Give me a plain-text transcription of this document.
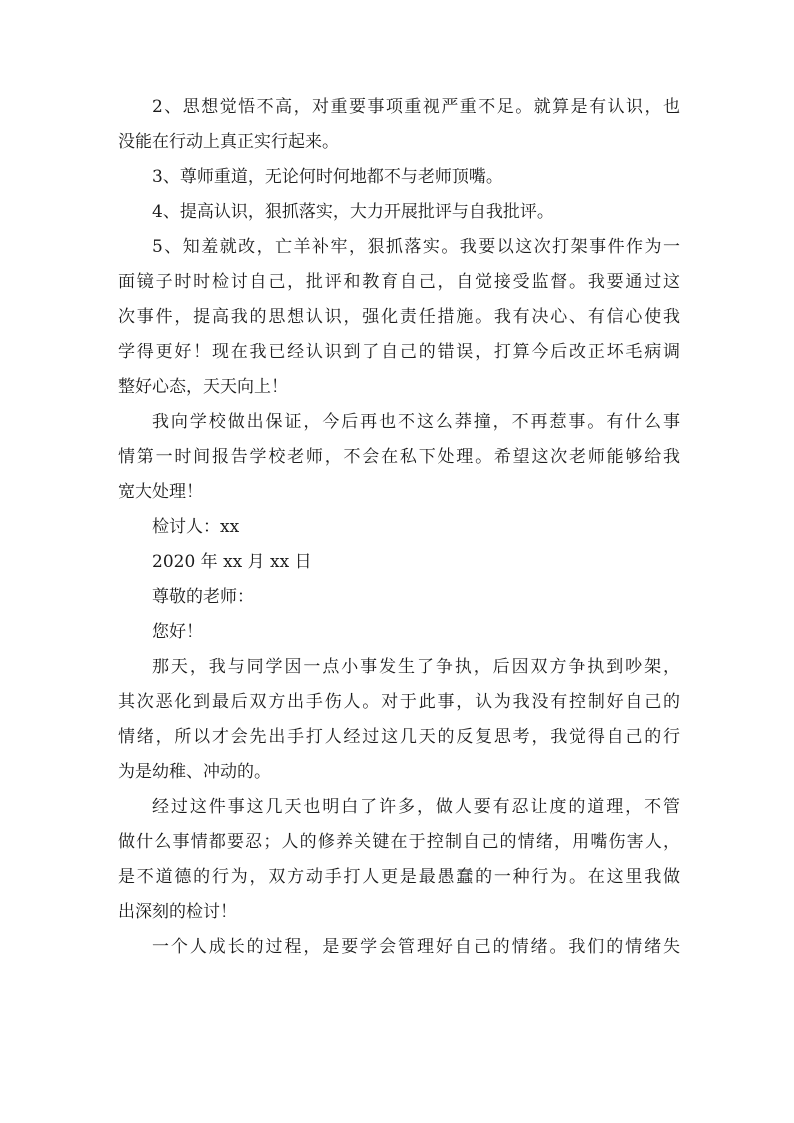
2、思想觉悟不高，对重要事项重视严重不足。就算是有认识，也
没能在行动上真正实行起来。
3、尊师重道，无论何时何地都不与老师顶嘴。
4、提高认识，狠抓落实，大力开展批评与自我批评。
5、知羞就改，亡羊补牢，狠抓落实。我要以这次打架事件作为一
面镜子时时检讨自己，批评和教育自己，自觉接受监督。我要通过这
次事件，提高我的思想认识，强化责任措施。我有决心、有信心使我
学得更好！现在我已经认识到了自己的错误，打算今后改正坏毛病调
整好心态，天天向上！
我向学校做出保证，今后再也不这么莽撞，不再惹事。有什么事
情第一时间报告学校老师，不会在私下处理。希望这次老师能够给我
宽大处理！
检讨人：xx
2020 年 xx 月 xx 日
尊敬的老师：
您好！
那天，我与同学因一点小事发生了争执，后因双方争执到吵架，
其次恶化到最后双方出手伤人。对于此事，认为我没有控制好自己的
情绪，所以才会先出手打人经过这几天的反复思考，我觉得自己的行
为是幼稚、冲动的。
经过这件事这几天也明白了许多，做人要有忍让度的道理，不管
做什么事情都要忍；人的修养关键在于控制自己的情绪，用嘴伤害人，
是不道德的行为，双方动手打人更是最愚蠢的一种行为。在这里我做
出深刻的检讨！
一个人成长的过程，是要学会管理好自己的情绪。我们的情绪失
